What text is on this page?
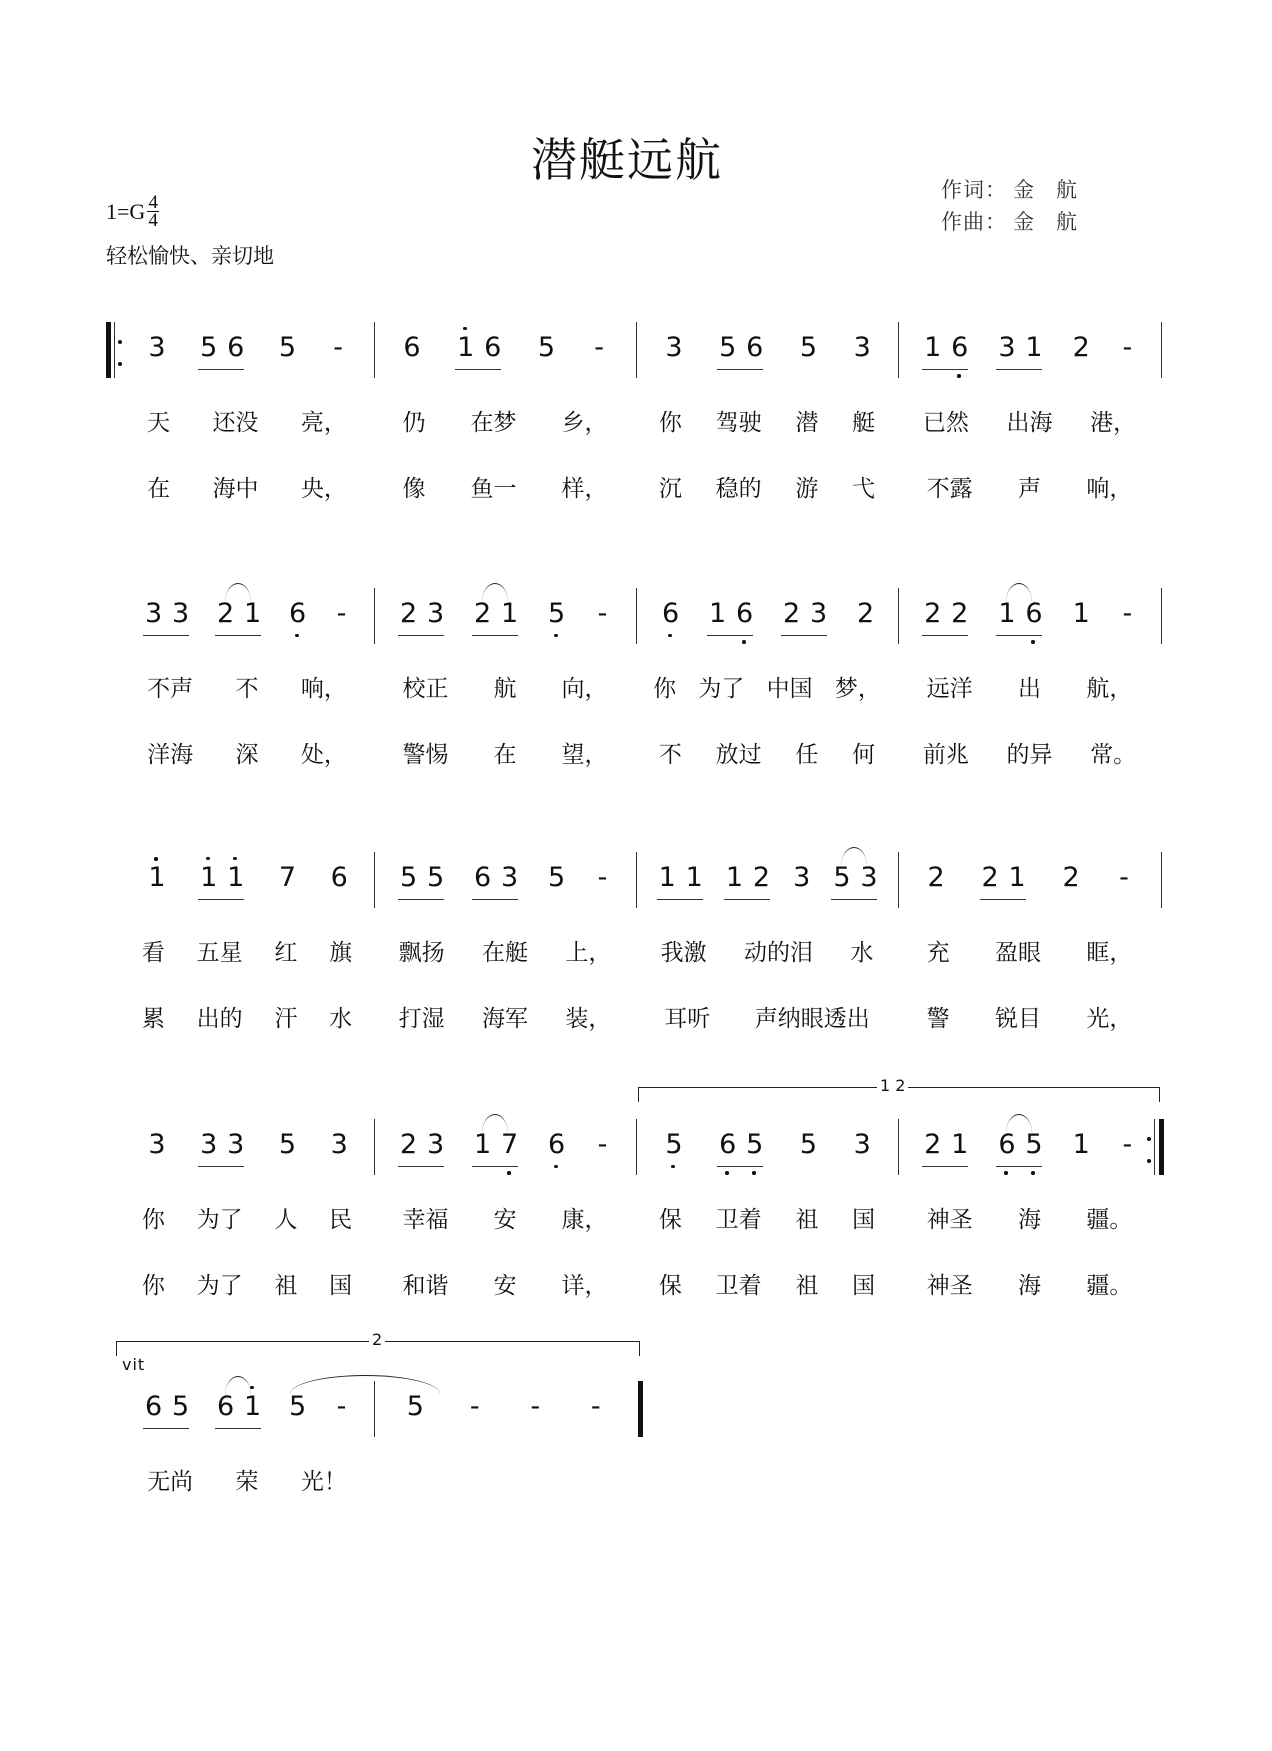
潜艇远航
$1=G \frac{4}{4}$
轻松愉快、亲切地
作词： 金航
作曲： 金航
3 5 6 5 -
天 还没 亮，
在 海中 央，
6 1 6 5 -
仍 在梦 乡，
像 鱼一 样，
3 5 6 5 3
你 驾驶 潜 艇
沉 稳的 游 弋
1 6 3 1 2 -
已然 出海 港，
不露 声 响，
3 3 2 1 6 -
不声 不 响，
洋海 深 处，
2 3 2 1 5 -
校正 航 向，
警惕 在 望，
6 1 6 2 3 2
你 为了 中国 梦，
不 放过 任 何
2 2 1 6 1 -
远洋 出 航，
前兆 的异 常。
1 1 1 7 6
看 五星 红 旗
累 出的 汗 水
5 5 6 3 5 -
飘扬 在艇 上，
打湿 海军 装，
1 1 1 2 3 5 3
我激 动的泪 水
耳听 声纳眼透出
2 2 1 2 -
充 盈眼 眶，
警 锐目 光，
3 3 3 5 3
你 为了 人 民
你 为了 祖 国
2 3 1 7 6 -
幸福 安 康，
和谐 安 详，
5 6 5 5 3
保 卫着 祖 国
保 卫着 祖 国
2 1 6 5 1 -
神圣 海 疆。
神圣 海 疆。
1 2
6 5 6 1 5 -
无尚 荣 光！
5 - - -
2
vit
